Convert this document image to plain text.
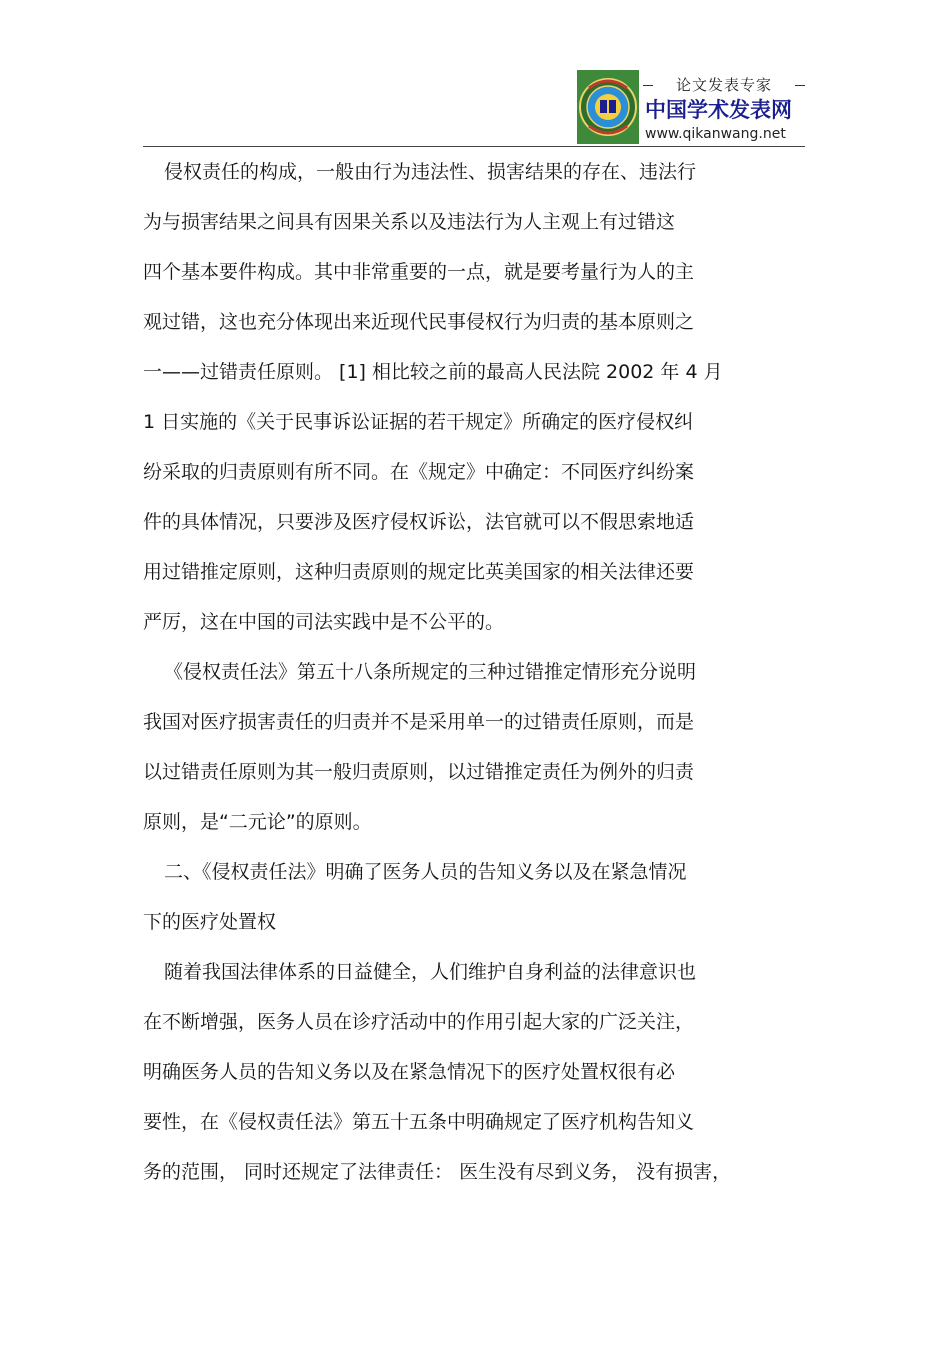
论文发表专家
中国学术发表网
www.qikanwang.net
侵权责任的构成，一般由行为违法性、损害结果的存在、违法行
为与损害结果之间具有因果关系以及违法行为人主观上有过错这
四个基本要件构成。其中非常重要的一点，就是要考量行为人的主
观过错，这也充分体现出来近现代民事侵权行为归责的基本原则之
一——过错责任原则。 [1] 相比较之前的最高人民法院 2002 年 4 月
1 日实施的《关于民事诉讼证据的若干规定》所确定的医疗侵权纠
纷采取的归责原则有所不同。在《规定》中确定：不同医疗纠纷案
件的具体情况，只要涉及医疗侵权诉讼，法官就可以不假思索地适
用过错推定原则，这种归责原则的规定比英美国家的相关法律还要
严厉，这在中国的司法实践中是不公平的。
《侵权责任法》第五十八条所规定的三种过错推定情形充分说明
我国对医疗损害责任的归责并不是采用单一的过错责任原则，而是
以过错责任原则为其一般归责原则，以过错推定责任为例外的归责
原则，是“二元论”的原则。
二、《侵权责任法》明确了医务人员的告知义务以及在紧急情况
下的医疗处置权
随着我国法律体系的日益健全，人们维护自身利益的法律意识也
在不断增强，医务人员在诊疗活动中的作用引起大家的广泛关注，
明确医务人员的告知义务以及在紧急情况下的医疗处置权很有必
要性，在《侵权责任法》第五十五条中明确规定了医疗机构告知义
务的范围， 同时还规定了法律责任： 医生没有尽到义务， 没有损害，
